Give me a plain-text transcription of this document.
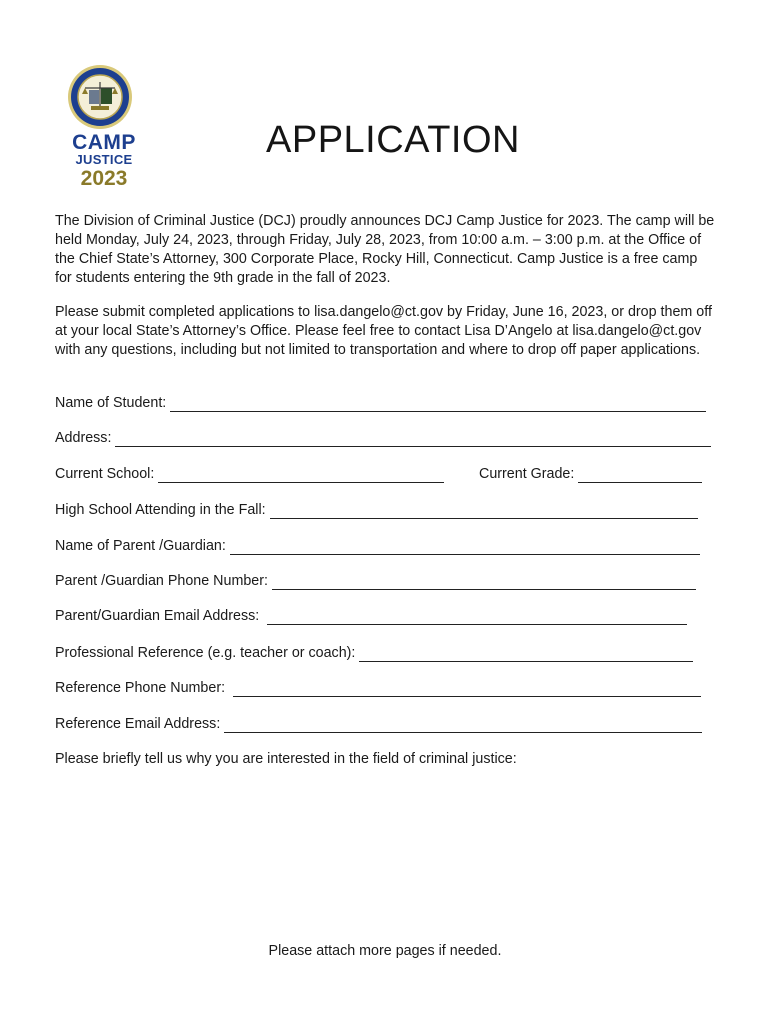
CAMP
JUSTICE
2023
APPLICATION

The Division of Criminal Justice (DCJ) proudly announces DCJ Camp Justice for 2023. The camp will be held Monday, July 24, 2023, through Friday, July 28, 2023, from 10:00 a.m. – 3:00 p.m. at the Office of the Chief State’s Attorney, 300 Corporate Place, Rocky Hill, Connecticut. Camp Justice is a free camp for students entering the 9th grade in the fall of 2023.

Please submit completed applications to lisa.dangelo@ct.gov by Friday, June 16, 2023, or drop them off at your local State’s Attorney’s Office. Please feel free to contact Lisa D’Angelo at lisa.dangelo@ct.gov with any questions, including but not limited to transportation and where to drop off paper applications.

Name of Student:
Address:
Current School:	Current Grade:
High School Attending in the Fall:
Name of Parent /Guardian:
Parent /Guardian Phone Number:
Parent/Guardian Email Address:
Professional Reference (e.g. teacher or coach):
Reference Phone Number:
Reference Email Address:
Please briefly tell us why you are interested in the field of criminal justice:
Please attach more pages if needed.
